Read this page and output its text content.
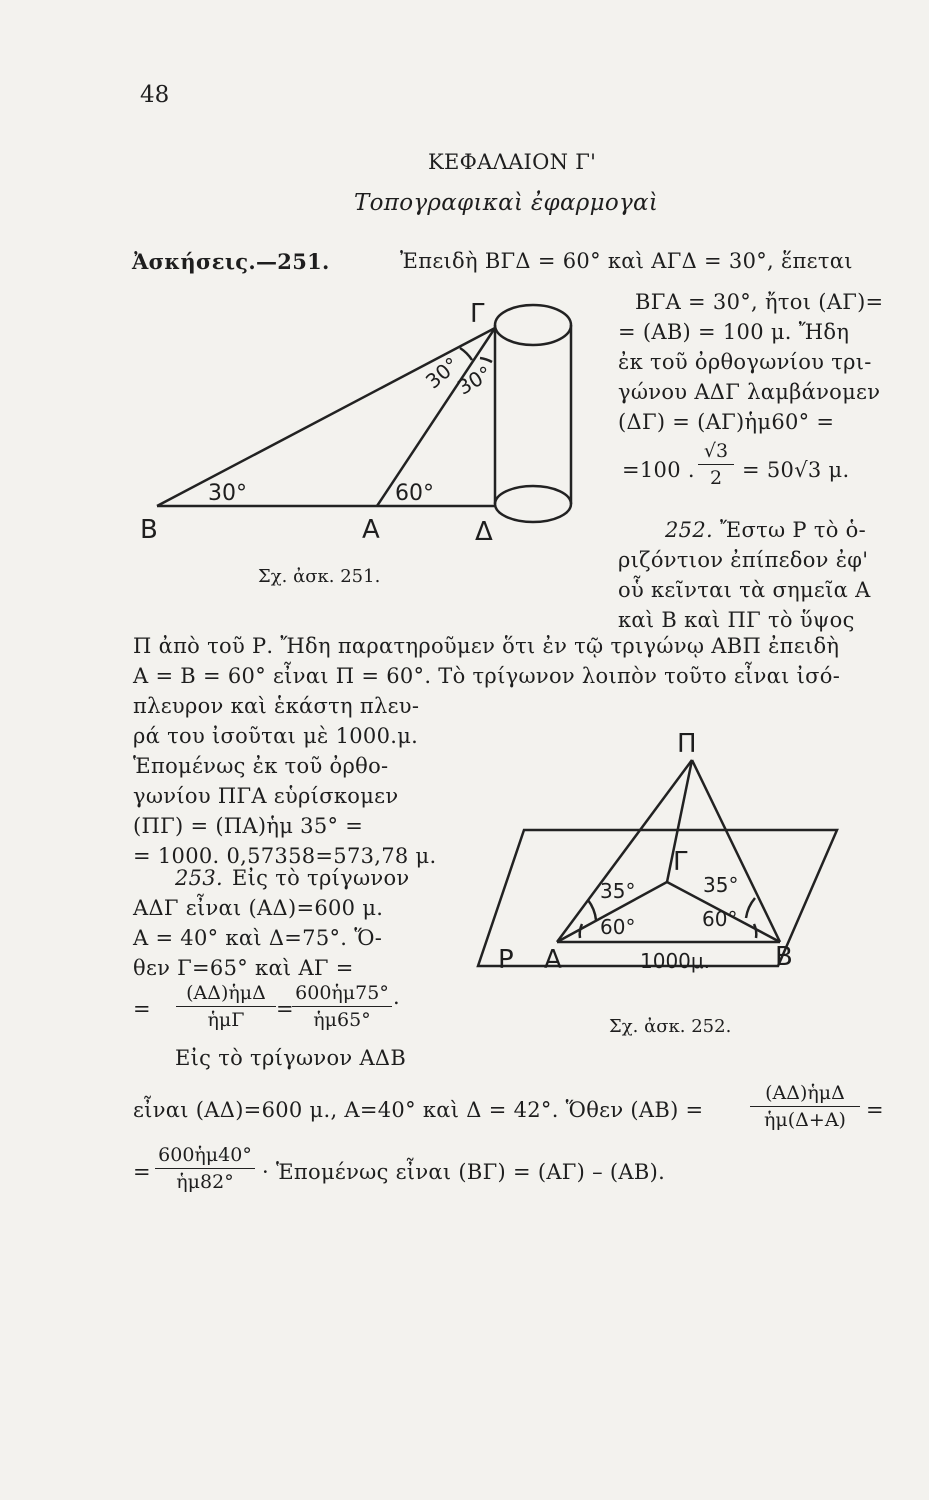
48
ΚΕΦΑΛΑΙΟΝ Γ'
Τοπογραφικαὶ ἐφαρμογαὶ
Ἀσκήσεις.—251.	Ἐπειδὴ ΒΓΔ = 60° καὶ ΑΓΔ = 30°, ἕπεται
ΒΓΑ = 30°, ἤτοι (ΑΓ)=
= (ΑΒ) = 100 μ. Ἤδη
ἐκ τοῦ ὀρθογωνίου τρι-
γώνου ΑΔΓ λαμβάνομεν
(ΔΓ) = (ΑΓ)ἡμ60° =
=100 .
√3
2 = 50√3 μ.
Γ
Β	Α	Δ
30°	60°
30°
30°
252. Ἔστω Ρ τὸ ὁ-
Σχ. ἀσκ. 251.
ριζόντιον ἐπίπεδον ἐφ'
οὗ κεῖνται τὰ σημεῖα Α
καὶ Β καὶ ΠΓ τὸ ὕψος
Π ἀπὸ τοῦ Ρ. Ἤδη παρατηροῦμεν ὅτι ἐν τῷ τριγώνῳ ΑΒΠ ἐπειδὴ
Α = Β = 60° εἶναι Π = 60°. Τὸ τρίγωνον λοιπὸν τοῦτο εἶναι ἰσό-
πλευρον καὶ ἑκάστη πλευ-
ρά του ἰσοῦται μὲ 1000.μ.
Ἑπομένως ἐκ τοῦ ὀρθο-
γωνίου ΠΓΑ εὑρίσκομεν
(ΠΓ) = (ΠΑ)ἡμ 35° =
= 1000. 0,57358=573,78 μ.
Π
Γ
Ρ Α	Β
35°
60°
35°
60°
1000μ.
253. Εἰς τὸ τρίγωνον
ΑΔΓ εἶναι (ΑΔ)=600 μ.
Α = 40° καὶ Δ=75°. Ὅ-
θεν Γ=65° καὶ ΑΓ =
=
(ΑΔ)ἡμΔ
ἡμΓ	=
600ἡμ75°
ἡμ65°
.
Σχ. ἀσκ. 252.
Εἰς τὸ τρίγωνον ΑΔΒ
εἶναι (ΑΔ)=600 μ., Α=40° καὶ Δ = 42°. Ὅθεν (ΑΒ) =
(ΑΔ)ἡμΔ
ἡμ(Δ+Α) =
=
600ἡμ40°
ἡμ82°	· Ἑπομένως εἶναι (ΒΓ) = (ΑΓ) – (ΑΒ).
